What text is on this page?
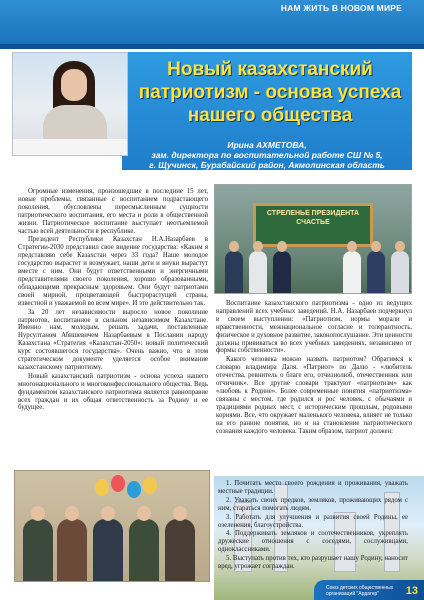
НАМ ЖИТЬ В НОВОМ МИРЕ
Новый казахстанский патриотизм - основа успеха нашего общества
Ирина АХМЕТОВА,
зам. директора по воспитательной работе СШ № 5,
г. Щучинск, Бурабайский район, Акмолинская область
СТРЕЛЕНЬЕ ПРЕЗИДЕНТА
СЧАСТЬЕ

Огромные изменения, произошедшие в последние 15 лет, новые проблемы, связанные с воспитанием подрастающего поколения, обусловлены пересмысленным сущности патриотического воспитания, его места и роли в общественной жизни. Патриотическое воспитание выступает неотъемлемой частью всей деятельности в республике.

Президент Республики Казахстан Н.А.Назарбаев в Стратегии-2030 представил свое видение государства: «Каким я представляю себе Казахстан через 33 года? Наше молодое государство вырастет и возмужает, наши дети и внуки вырастут вместе с ним. Они будут ответственными и энергичными представителями своего поколения, хорошо образованными, обладающими прекрасным здоровьем. Они будут патриотами своей мирной, процветающей быстрорастущей страны, известной и уважаемой во всем мире». И это действительно так.

За 20 лет независимости выросло новое поколение патриотов, воспитанное в сильном независимом Казахстане. Именно нам, молодым, решать задачи, поставленные Нурсултаном Абишевичем Назарбаевым в Послании народу Казахстана «Стратегия «Казахстан-2050»: новый политический курс состоявшегося государства». Очень важно, что в этом стратегическом документе уделяется особое внимание казахстанскому патриотизму.

Новый казахстанский патриотизм - основа успеха нашего многонационального и многоконфессионального общества. Ведь фундаментом казахстанского патриотизма является равноправие всех граждан и их общая ответственность за Родину и ее будущее.

Воспитание казахстанского патриотизма - одно из ведущих направлений всех учебных заведений. Н.А. Назарбаев подчеркнул в своем выступлении: «Патриотизм, нормы морали и нравственности, межнациональное согласие и толерантность, физическое и духовное развитие, законопослушание. Эти ценности должны прививаться во всех учебных заведениях, независимо от формы собственности».

Какого человека можно назвать патриотом? Обратимся к словарю владимира Даля. «Патриот» по Далю - «любитель отечества, ревнитель о благе его, отчизнолюб, отечественник или отчичник». Все другие словари трактуют «патриотизм» как «любовь к Родине». Более современные понятия «патриотизма» связаны с местом, где родился и рос человек, с обычаями и традициями родных мест, с историческим прошлым, родовыми корнями. Все, что окружает маленького человека, влияет не только на его ранние понятия, но и на становление патриотического сознания каждого человека. Таким образом, патриот должен:

1. Почитать место своего рождения и проживания, уважать местные традиции.

2. Уважать своих предков, земляков, проживающих рядом с ним, стараться помогать людям.

3. Работать для улучшения и развития своей Родины, ее озеленения, благоустройства.

4. Поддерживать земляков и соотечественников, укреплять дружеские отношения с соседями, сослуживцами, одноклассниками.

5. Выступать против тех, кто разрушает нашу Родину, наносит вред, угрожает сограждан.

Союз детских общественных организаций "Ардагер"	13
